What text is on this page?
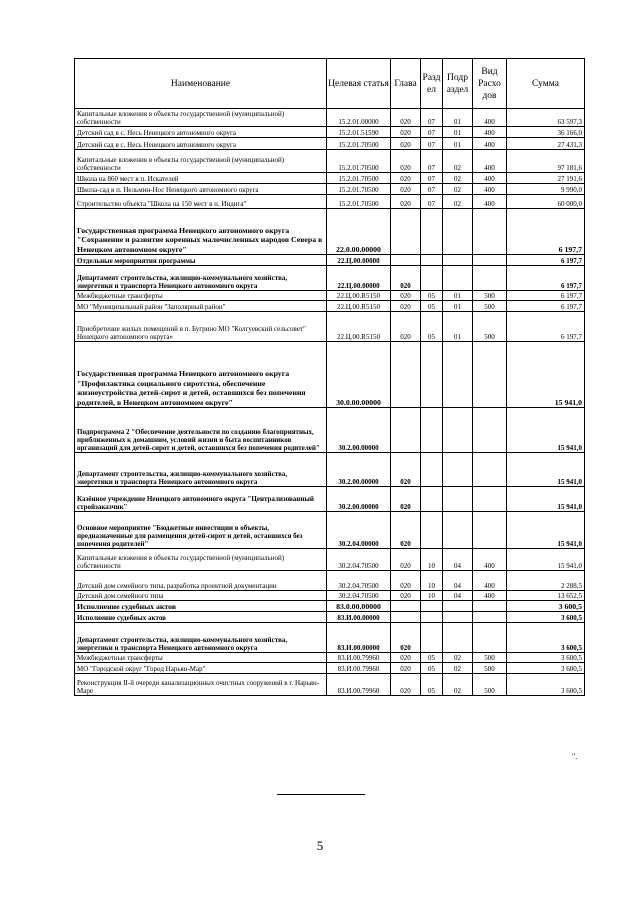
Наименование	Целевая статья	Глава	Разд ел	Подр аздел	Вид Расхо дов	Сумма
Капитальные вложения в объекты государственной (муниципальной) собственности	15.2.01.00000	020	07	01	400	63 597,3
Детский сад в с. Несь Ненецкого автономного округа	15.2.01.51590	020	07	01	400	36 166,0
Детский сад в с. Несь Ненецкого автономного округа	15.2.01.70500	020	07	01	400	27 431,3
Капитальные вложения в объекты государственной (муниципальной) собственности	15.2.01.70500	020	07	02	400	97 181,6
Школа на 860 мест в п. Искателей	15.2.01.70500	020	07	02	400	27 191,6
Школа-сад в п. Нельмин-Нос Ненецкого автономного округа	15.2.01.70500	020	07	02	400	9 990,0
Строительство объекта "Школа на 150 мест в п. Индига"	15.2.01.70500	020	07	02	400	60 000,0
Государственная программа Ненецкого автономного округа "Сохранение и развитие коренных малочисленных народов Севера в Ненецком автономном округе"	22.0.00.00000					6 197,7
Отдельные мероприятия программы	22.Ц.00.00000					6 197,7
Департамент строительства, жилищно-коммунального хозяйства, энергетики и транспорта Ненецкого автономного округа	22.Ц.00.00000	020				6 197,7
Межбюджетные трансферты	22.Ц.00.R5150	020	05	01	500	6 197,7
МО "Муниципальный район "Заполярный район"	22.Ц.00.R5150	020	05	01	500	6 197,7
Приобретение жилых помещений в п. Бугрино МО "Колгуевский сельсовет" Ненецкого автономного округа»	22.Ц.00.R5150	020	05	01	500	6 197,7
Государственная программа Ненецкого автономного округа "Профилактика социального сиротства, обеспечение жизнеустройства детей-сирот и детей, оставшихся без попечения родителей, в Ненецком автономном округе"	30.0.00.00000					15 941,0
Подпрограмма 2 "Обеспечение деятельности по созданию благоприятных, приближенных к домашним, условий жизни и быта воспитанников организаций для детей-сирот и детей, оставшихся без попечения родителей"	30.2.00.00000					15 941,0
Департамент строительства, жилищно-коммунального хозяйства, энергетики и транспорта Ненецкого автономного округа	30.2.00.00000	020				15 941,0
Казённое учреждение Ненецкого автономного округа "Централизованный стройзаказчик"	30.2.00.00000	020				15 941,0
Основное мероприятие "Бюджетные инвестиции в объекты, предназначенные для размещения детей-сирот и детей, оставшихся без попечения родителей"	30.2.04.00000	020				15 941,0
Капитальные вложения в объекты государственной (муниципальной) собственности	30.2.04.70500	020	10	04	400	15 941,0
Детский дом семейного типа, разработка проектной документации	30.2.04.70500	020	10	04	400	2 288,5
Детский дом семейного типа	30.2.04.70500	020	10	04	400	13 652,5
Исполнение судебных актов	83.0.00.00000					3 600,5
Исполнение судебных актов	83.И.00.00000					3 600,5
Департамент строительства, жилищно-коммунального хозяйства, энергетики и транспорта Ненецкого автономного округа	83.И.00.00000	020				3 600,5
Межбюджетные трансферты	83.И.00.79960	020	05	02	500	3 600,5
МО "Городской округ "Город Нарьян-Мар"	83.И.00.79960	020	05	02	500	3 600,5
Реконструкция II-й очереди канализационных очистных сооружений в г. Нарьян-Маре	83.И.00.79960	020	05	02	500	3 600,5
".
5
